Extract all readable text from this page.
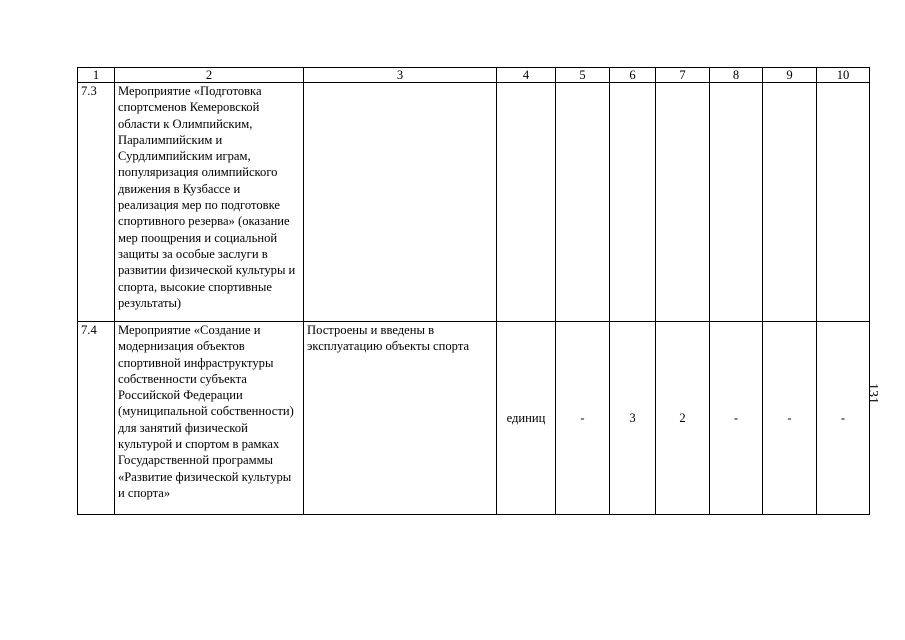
1	2	3	4	5	6	7	8	9	10
7.3	Мероприятие «Подготовка спортсменов Кемеровской области к Олимпийским, Паралимпийским и Сурдлимпийским играм, популяризация олимпийского движения в Кузбассе и реализация мер по подготовке спортивного резерва» (оказание мер поощрения и социальной защиты за особые заслуги в развитии физической культуры и спорта, высокие спортивные результаты)								
7.4	Мероприятие «Создание и модернизация объектов спортивной инфраструктуры собственности субъекта Российской Федерации (муниципальной собственности) для занятий физической культурой и спортом в рамках Государственной программы «Развитие физической культуры и спорта»	Построены и введены в эксплуатацию объекты спорта	единиц	-	3	2	-	-	-
131
